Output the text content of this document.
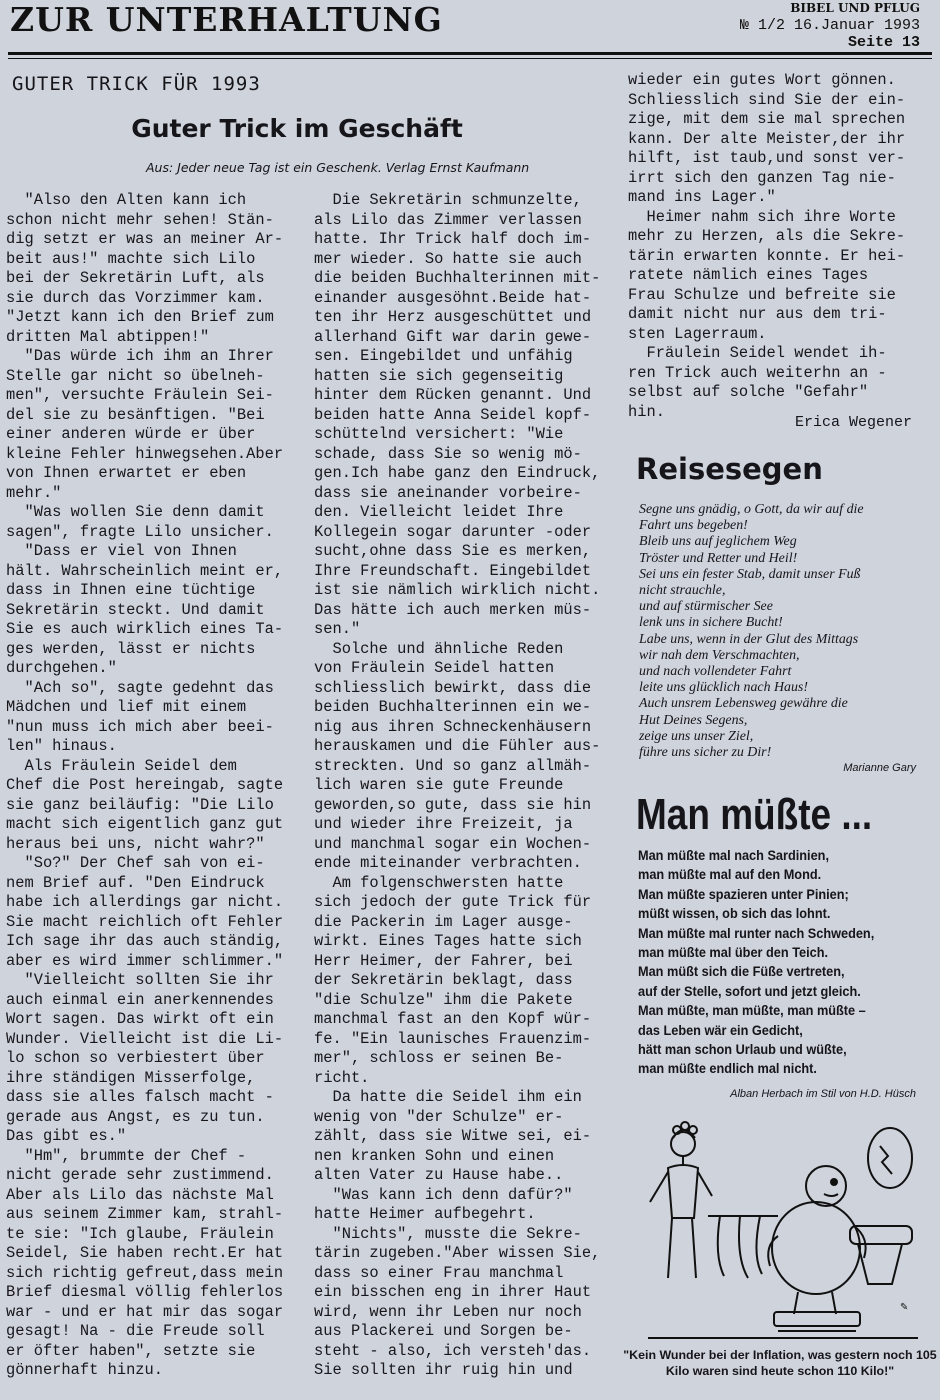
ZUR UNTERHALTUNG	BIBEL UND PFLUG
№ 1/2 16.Januar 1993
Seite 13
GUTER TRICK FÜR 1993
Guter Trick im Geschäft
Aus: Jeder neue Tag ist ein Geschenk. Verlag Ernst Kaufmann
"Also den Alten kann ich
schon nicht mehr sehen! Stän-
dig setzt er was an meiner Ar-
beit aus!" machte sich Lilo
bei der Sekretärin Luft, als
sie durch das Vorzimmer kam.
"Jetzt kann ich den Brief zum
dritten Mal abtippen!"
"Das würde ich ihm an Ihrer
Stelle gar nicht so übelneh-
men", versuchte Fräulein Sei-
del sie zu besänftigen. "Bei
einer anderen würde er über
kleine Fehler hinwegsehen.Aber
von Ihnen erwartet er eben
mehr."
"Was wollen Sie denn damit
sagen", fragte Lilo unsicher.
"Dass er viel von Ihnen
hält. Wahrscheinlich meint er,
dass in Ihnen eine tüchtige
Sekretärin steckt. Und damit
Sie es auch wirklich eines Ta-
ges werden, lässt er nichts
durchgehen."
"Ach so", sagte gedehnt das
Mädchen und lief mit einem
"nun muss ich mich aber beei-
len" hinaus.
Als Fräulein Seidel dem
Chef die Post hereingab, sagte
sie ganz beiläufig: "Die Lilo
macht sich eigentlich ganz gut
heraus bei uns, nicht wahr?"
"So?" Der Chef sah von ei-
nem Brief auf. "Den Eindruck
habe ich allerdings gar nicht.
Sie macht reichlich oft Fehler
Ich sage ihr das auch ständig,
aber es wird immer schlimmer."
"Vielleicht sollten Sie ihr
auch einmal ein anerkennendes
Wort sagen. Das wirkt oft ein
Wunder. Vielleicht ist die Li-
lo schon so verbiestert über
ihre ständigen Misserfolge,
dass sie alles falsch macht -
gerade aus Angst, es zu tun.
Das gibt es."
"Hm", brummte der Chef -
nicht gerade sehr zustimmend.
Aber als Lilo das nächste Mal
aus seinem Zimmer kam, strahl-
te sie: "Ich glaube, Fräulein
Seidel, Sie haben recht.Er hat
sich richtig gefreut,dass mein
Brief diesmal völlig fehlerlos
war - und er hat mir das sogar
gesagt! Na - die Freude soll
er öfter haben", setzte sie
gönnerhaft hinzu.
Die Sekretärin schmunzelte,
als Lilo das Zimmer verlassen
hatte. Ihr Trick half doch im-
mer wieder. So hatte sie auch
die beiden Buchhalterinnen mit-
einander ausgesöhnt.Beide hat-
ten ihr Herz ausgeschüttet und
allerhand Gift war darin gewe-
sen. Eingebildet und unfähig
hatten sie sich gegenseitig
hinter dem Rücken genannt. Und
beiden hatte Anna Seidel kopf-
schüttelnd versichert: "Wie
schade, dass Sie so wenig mö-
gen.Ich habe ganz den Eindruck,
dass sie aneinander vorbeire-
den. Vielleicht leidet Ihre
Kollegein sogar darunter -oder
sucht,ohne dass Sie es merken,
Ihre Freundschaft. Eingebildet
ist sie nämlich wirklich nicht.
Das hätte ich auch merken müs-
sen."
Solche und ähnliche Reden
von Fräulein Seidel hatten
schliesslich bewirkt, dass die
beiden Buchhalterinnen ein we-
nig aus ihren Schneckenhäusern
herauskamen und die Fühler aus-
streckten. Und so ganz allmäh-
lich waren sie gute Freunde
geworden,so gute, dass sie hin
und wieder ihre Freizeit, ja
und manchmal sogar ein Wochen-
ende miteinander verbrachten.
Am folgenschwersten hatte
sich jedoch der gute Trick für
die Packerin im Lager ausge-
wirkt. Eines Tages hatte sich
Herr Heimer, der Fahrer, bei
der Sekretärin beklagt, dass
"die Schulze" ihm die Pakete
manchmal fast an den Kopf wür-
fe. "Ein launisches Frauenzim-
mer", schloss er seinen Be-
richt.
Da hatte die Seidel ihm ein
wenig von "der Schulze" er-
zählt, dass sie Witwe sei, ei-
nen kranken Sohn und einen
alten Vater zu Hause habe..
"Was kann ich denn dafür?"
hatte Heimer aufbegehrt.
"Nichts", musste die Sekre-
tärin zugeben."Aber wissen Sie,
dass so einer Frau manchmal
ein bisschen eng in ihrer Haut
wird, wenn ihr Leben nur noch
aus Plackerei und Sorgen be-
steht - also, ich versteh'das.
Sie sollten ihr ruig hin und
wieder ein gutes Wort gönnen.
Schliesslich sind Sie der ein-
zige, mit dem sie mal sprechen
kann. Der alte Meister,der ihr
hilft, ist taub,und sonst ver-
irrt sich den ganzen Tag nie-
mand ins Lager."
Heimer nahm sich ihre Worte
mehr zu Herzen, als die Sekre-
tärin erwarten konnte. Er hei-
ratete nämlich eines Tages
Frau Schulze und befreite sie
damit nicht nur aus dem tri-
sten Lagerraum.
Fräulein Seidel wendet ih-
ren Trick auch weiterhn an -
selbst auf solche "Gefahr"
hin.
Erica Wegener
Reisesegen
Segne uns gnädig, o Gott, da wir auf die
Fahrt uns begeben!
Bleib uns auf jeglichem Weg
Tröster und Retter und Heil!
Sei uns ein fester Stab, damit unser Fuß
nicht strauchle,
und auf stürmischer See
lenk uns in sichere Bucht!
Labe uns, wenn in der Glut des Mittags
wir nah dem Verschmachten,
und nach vollendeter Fahrt
leite uns glücklich nach Haus!
Auch unsrem Lebensweg gewähre die
Hut Deines Segens,
zeige uns unser Ziel,
führe uns sicher zu Dir!
Marianne Gary
Man müßte ...
Man müßte mal nach Sardinien,
man müßte mal auf den Mond.
Man müßte spazieren unter Pinien;
müßt wissen, ob sich das lohnt.
Man müßte mal runter nach Schweden,
man müßte mal über den Teich.
Man müßt sich die Füße vertreten,
auf der Stelle, sofort und jetzt gleich.
Man müßte, man müßte, man müßte –
das Leben wär ein Gedicht,
hätt man schon Urlaub und wüßte,
man müßte endlich mal nicht.
Alban Herbach im Stil von H.D. Hüsch
✎
"Kein Wunder bei der Inflation, was gestern noch 105 Kilo waren sind heute schon 110 Kilo!"
